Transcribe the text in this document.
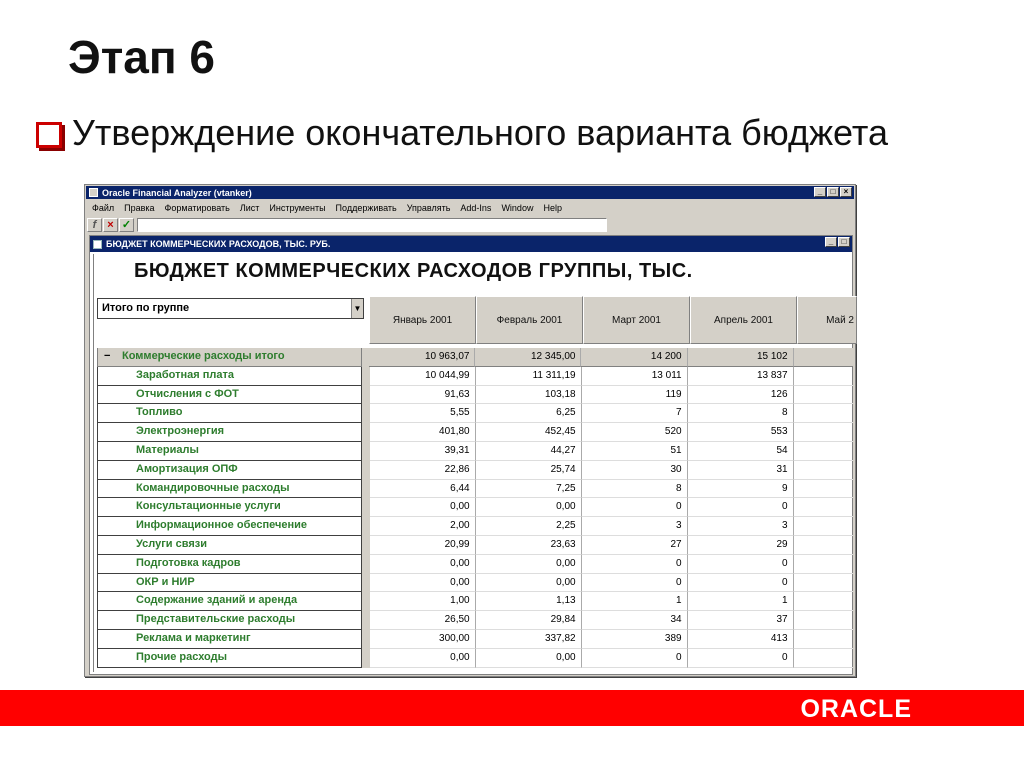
Этап 6
Утверждение окончательного варианта бюджета
Oracle Financial Analyzer (vtanker)	_	□	×
Файл	Правка	Форматировать	Лист	Инструменты	Поддерживать	Управлять	Add-Ins	Window	Help
f × ✓
БЮДЖЕТ КОММЕРЧЕСКИХ РАСХОДОВ, ТЫС. РУБ.	_	□
БЮДЖЕТ КОММЕРЧЕСКИХ РАСХОДОВ ГРУППЫ, ТЫС.
Итого по группе	▼
Январь 2001	Февраль 2001	Март 2001	Апрель 2001	Май 2
− Коммерческие расходы итого	10 963,07	12 345,00	14 200	15 102
Заработная плата	10 044,99	11 311,19	13 011	13 837
Отчисления с ФОТ	91,63	103,18	119	126
Топливо	5,55	6,25	7	8
Электроэнергия	401,80	452,45	520	553
Материалы	39,31	44,27	51	54
Амортизация ОПФ	22,86	25,74	30	31
Командировочные расходы	6,44	7,25	8	9
Консультационные услуги	0,00	0,00	0	0
Информационное обеспечение	2,00	2,25	3	3
Услуги связи	20,99	23,63	27	29
Подготовка кадров	0,00	0,00	0	0
ОКР и НИР	0,00	0,00	0	0
Содержание зданий и аренда	1,00	1,13	1	1
Представительские расходы	26,50	29,84	34	37
Реклама и маркетинг	300,00	337,82	389	413
Прочие расходы	0,00	0,00	0	0
ORACLE
